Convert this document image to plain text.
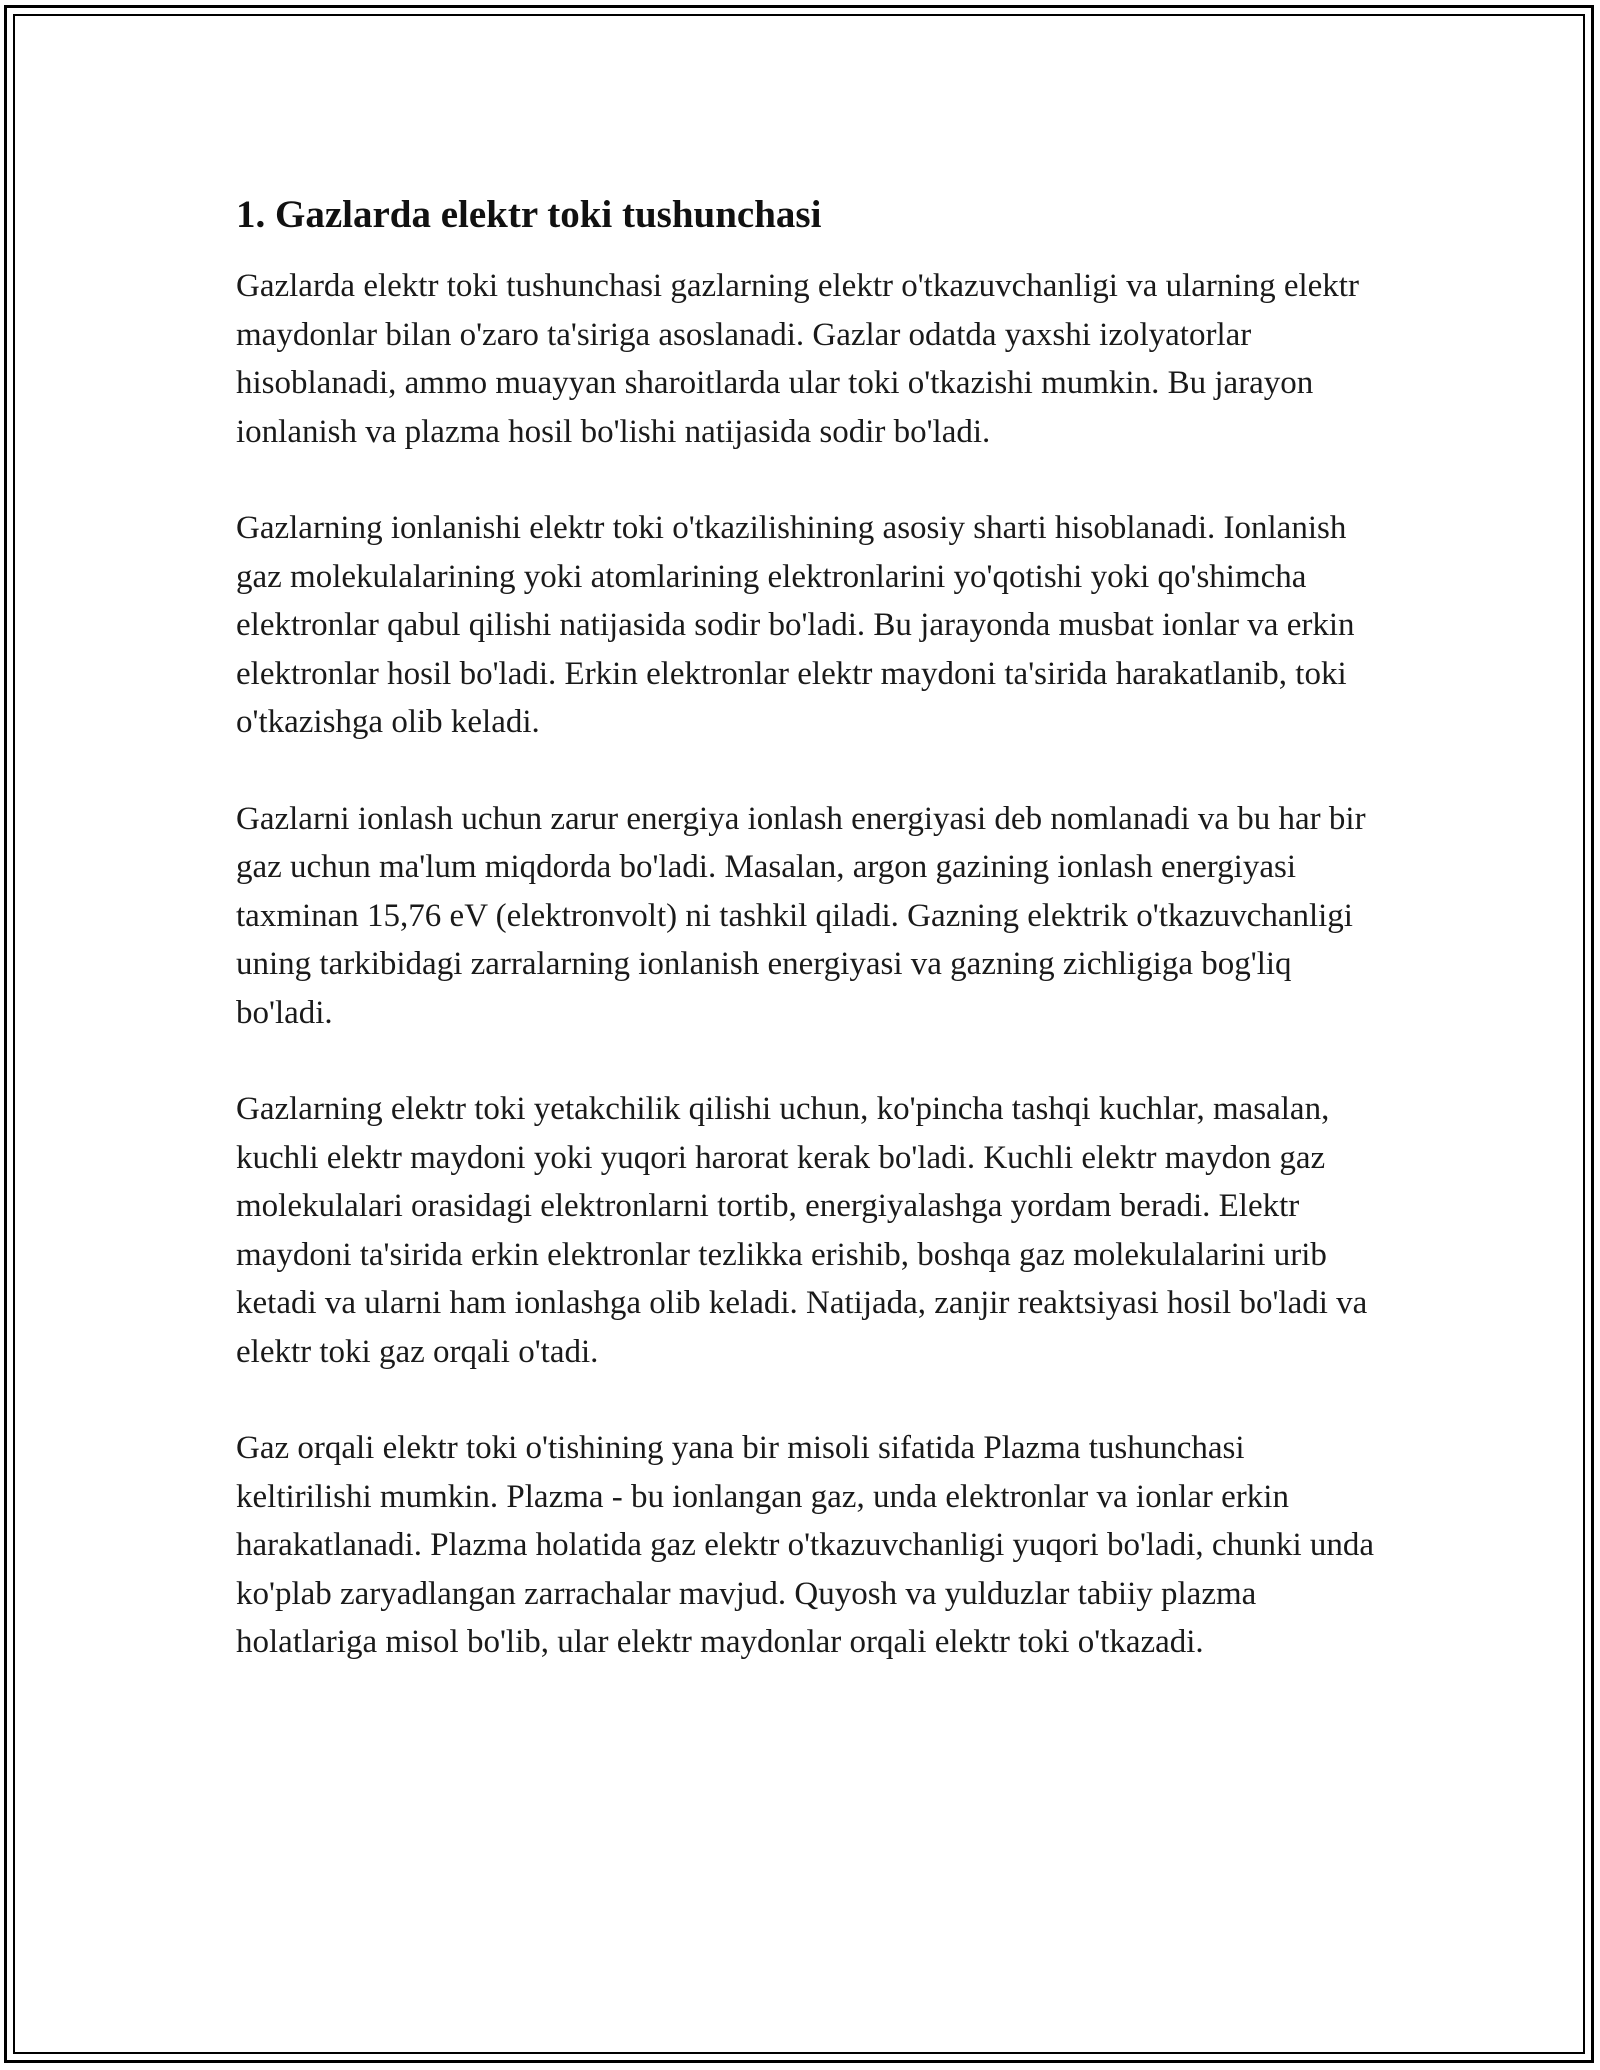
1. Gazlarda elektr toki tushunchasi

Gazlarda elektr toki tushunchasi gazlarning elektr o'tkazuvchanligi va ularning elektr maydonlar bilan o'zaro ta'siriga asoslanadi. Gazlar odatda yaxshi izolyatorlar hisoblanadi, ammo muayyan sharoitlarda ular toki o'tkazishi mumkin. Bu jarayon ionlanish va plazma hosil bo'lishi natijasida sodir bo'ladi.

Gazlarning ionlanishi elektr toki o'tkazilishining asosiy sharti hisoblanadi. Ionlanish gaz molekulalarining yoki atomlarining elektronlarini yo'qotishi yoki qo'shimcha elektronlar qabul qilishi natijasida sodir bo'ladi. Bu jarayonda musbat ionlar va erkin elektronlar hosil bo'ladi. Erkin elektronlar elektr maydoni ta'sirida harakatlanib, toki o'tkazishga olib keladi.

Gazlarni ionlash uchun zarur energiya ionlash energiyasi deb nomlanadi va bu har bir gaz uchun ma'lum miqdorda bo'ladi. Masalan, argon gazining ionlash energiyasi taxminan 15,76 eV (elektronvolt) ni tashkil qiladi. Gazning elektrik o'tkazuvchanligi uning tarkibidagi zarralarning ionlanish energiyasi va gazning zichligiga bog'liq bo'ladi.

Gazlarning elektr toki yetakchilik qilishi uchun, ko'pincha tashqi kuchlar, masalan, kuchli elektr maydoni yoki yuqori harorat kerak bo'ladi. Kuchli elektr maydon gaz molekulalari orasidagi elektronlarni tortib, energiyalashga yordam beradi. Elektr maydoni ta'sirida erkin elektronlar tezlikka erishib, boshqa gaz molekulalarini urib ketadi va ularni ham ionlashga olib keladi. Natijada, zanjir reaktsiyasi hosil bo'ladi va elektr toki gaz orqali o'tadi.

Gaz orqali elektr toki o'tishining yana bir misoli sifatida Plazma tushunchasi keltirilishi mumkin. Plazma - bu ionlangan gaz, unda elektronlar va ionlar erkin harakatlanadi. Plazma holatida gaz elektr o'tkazuvchanligi yuqori bo'ladi, chunki unda ko'plab zaryadlangan zarrachalar mavjud. Quyosh va yulduzlar tabiiy plazma holatlariga misol bo'lib, ular elektr maydonlar orqali elektr toki o'tkazadi.
